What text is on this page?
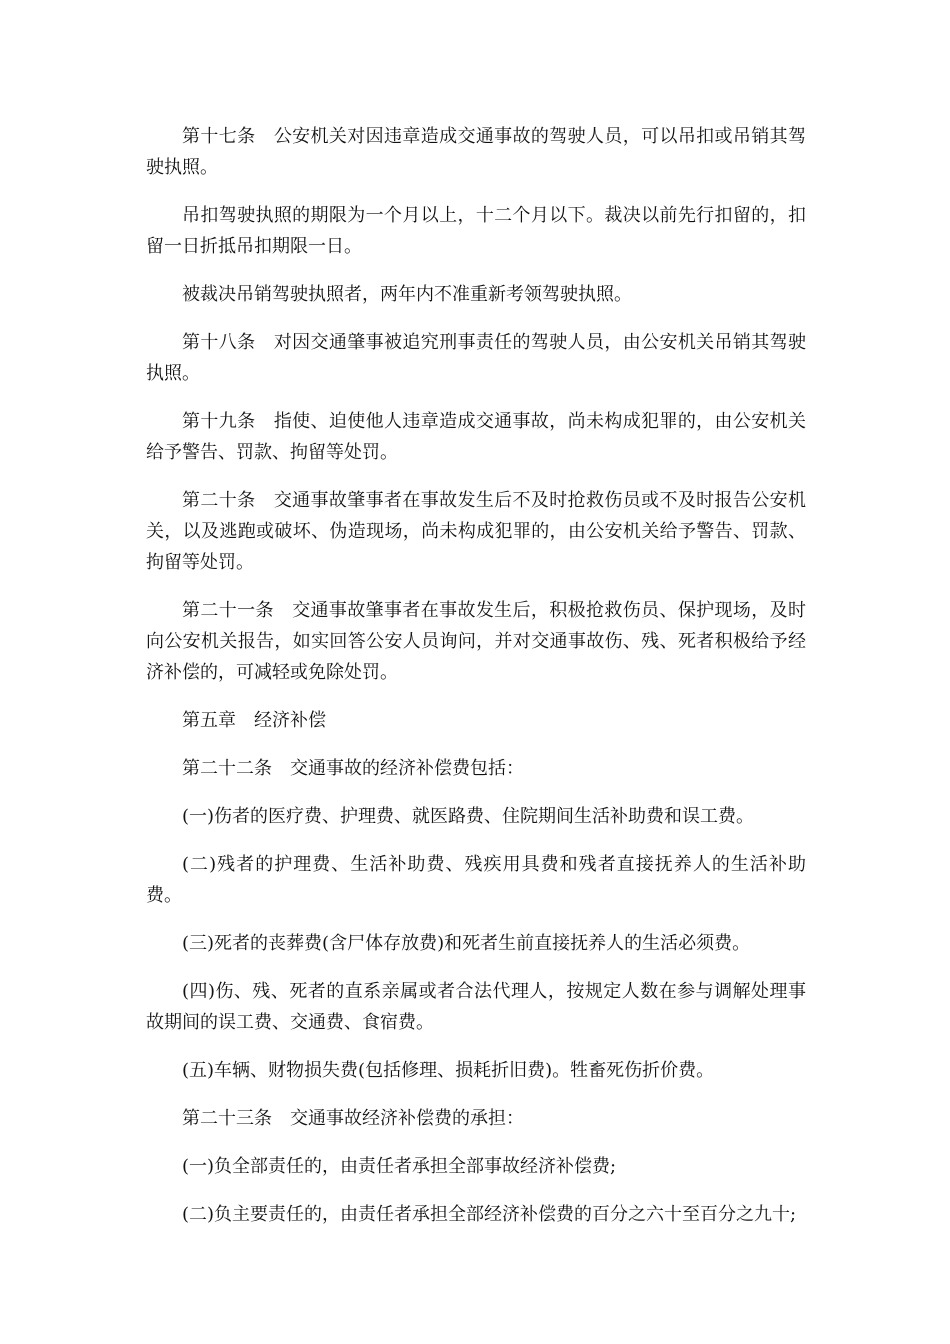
第十七条　公安机关对因违章造成交通事故的驾驶人员，可以吊扣或吊销其驾驶执照。

吊扣驾驶执照的期限为一个月以上，十二个月以下。裁决以前先行扣留的，扣留一日折抵吊扣期限一日。

被裁决吊销驾驶执照者，两年内不准重新考领驾驶执照。

第十八条　对因交通肇事被追究刑事责任的驾驶人员，由公安机关吊销其驾驶执照。

第十九条　指使、迫使他人违章造成交通事故，尚未构成犯罪的，由公安机关给予警告、罚款、拘留等处罚。

第二十条　交通事故肇事者在事故发生后不及时抢救伤员或不及时报告公安机关，以及逃跑或破坏、伪造现场，尚未构成犯罪的，由公安机关给予警告、罚款、拘留等处罚。

第二十一条　交通事故肇事者在事故发生后，积极抢救伤员、保护现场，及时向公安机关报告，如实回答公安人员询问，并对交通事故伤、残、死者积极给予经济补偿的，可减轻或免除处罚。

第五章　经济补偿

第二十二条　交通事故的经济补偿费包括：

(一)伤者的医疗费、护理费、就医路费、住院期间生活补助费和误工费。

(二)残者的护理费、生活补助费、残疾用具费和残者直接抚养人的生活补助费。

(三)死者的丧葬费(含尸体存放费)和死者生前直接抚养人的生活必须费。

(四)伤、残、死者的直系亲属或者合法代理人，按规定人数在参与调解处理事故期间的误工费、交通费、食宿费。

(五)车辆、财物损失费(包括修理、损耗折旧费)。牲畜死伤折价费。

第二十三条　交通事故经济补偿费的承担：

(一)负全部责任的，由责任者承担全部事故经济补偿费;

(二)负主要责任的，由责任者承担全部经济补偿费的百分之六十至百分之九十;
